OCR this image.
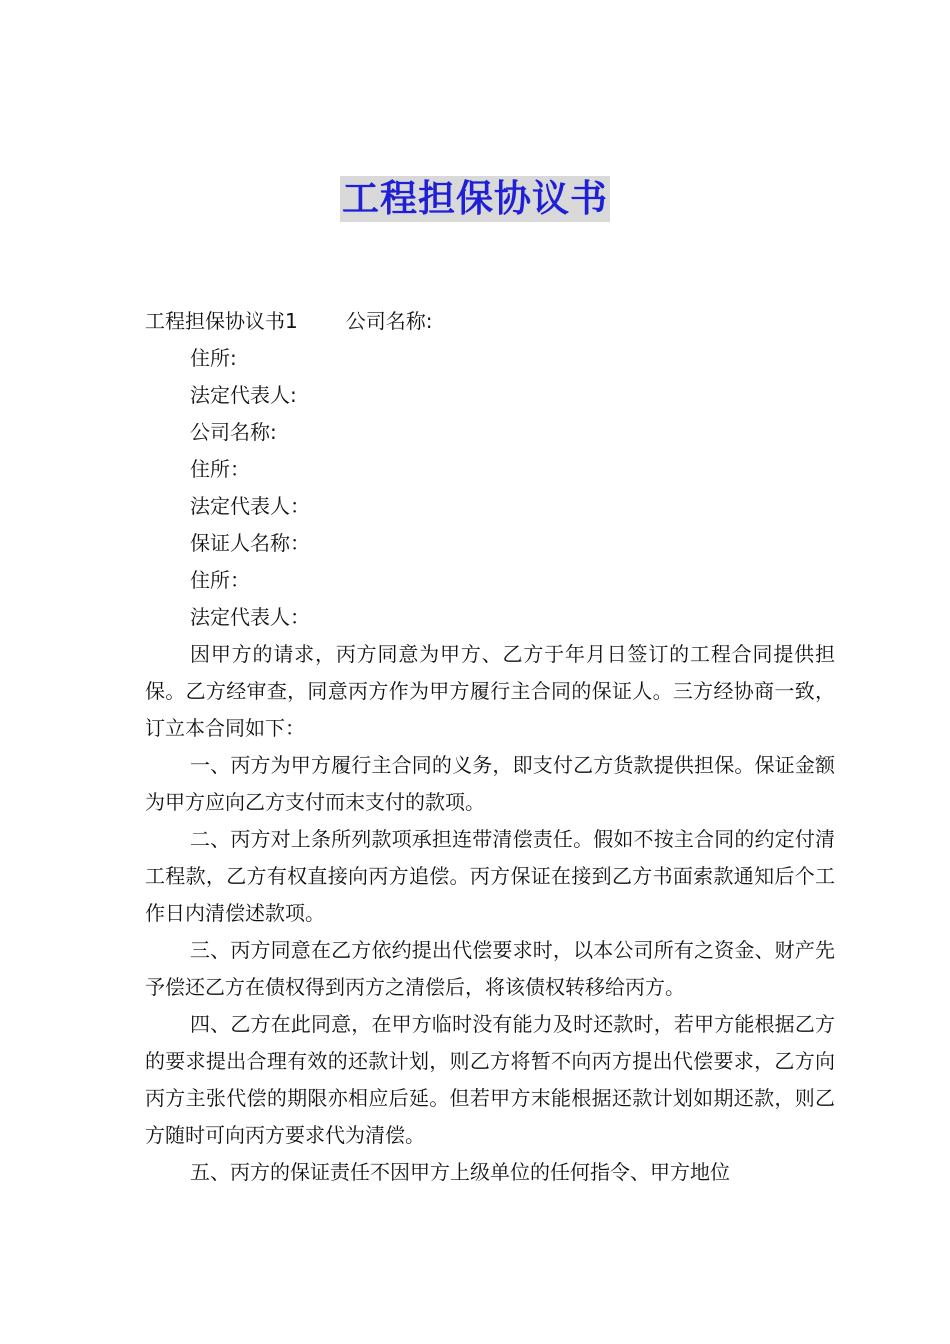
工程担保协议书

工程担保协议书1 公司名称:

住所:

法定代表人:

公司名称:

住所：

法定代表人：

保证人名称：

住所：

法定代表人：

因甲方的请求，丙方同意为甲方、乙方于年月日签订的工程合同提供担保。乙方经审查，同意丙方作为甲方履行主合同的保证人。三方经协商一致，订立本合同如下：

一、丙方为甲方履行主合同的义务，即支付乙方货款提供担保。保证金额为甲方应向乙方支付而末支付的款项。

二、丙方对上条所列款项承担连带清偿责任。假如不按主合同的约定付清工程款，乙方有权直接向丙方追偿。丙方保证在接到乙方书面索款通知后个工作日内清偿述款项。

三、丙方同意在乙方依约提出代偿要求时，以本公司所有之资金、财产先予偿还乙方在债权得到丙方之清偿后，将该债权转移给丙方。

四、乙方在此同意，在甲方临时没有能力及时还款时，若甲方能根据乙方的要求提出合理有效的还款计划，则乙方将暂不向丙方提出代偿要求，乙方向丙方主张代偿的期限亦相应后延。但若甲方末能根据还款计划如期还款，则乙方随时可向丙方要求代为清偿。

五、丙方的保证责任不因甲方上级单位的任何指令、甲方地位
